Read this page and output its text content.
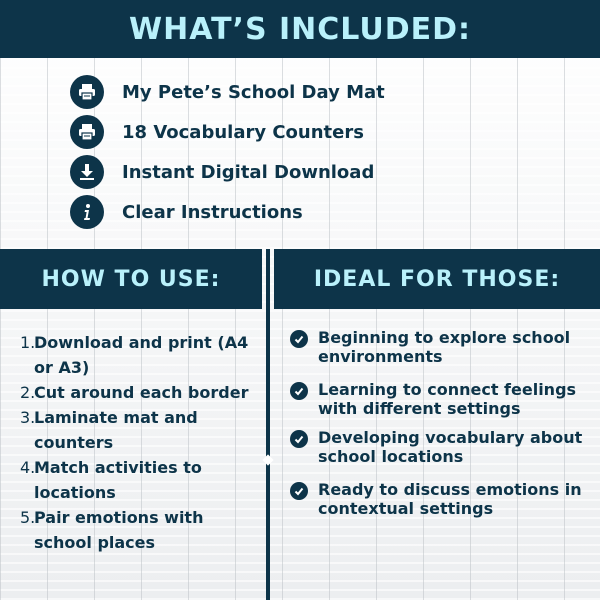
WHAT’S INCLUDED:
My Pete’s School Day Mat
18 Vocabulary Counters
Instant Digital Download
Clear Instructions
HOW TO USE:	IDEAL FOR THOSE:
1.
Download and print (A4 or A3)
2.
Cut around each border
3.
Laminate mat and counters
4.
Match activities to locations
5.
Pair emotions with school places
Beginning to explore school environments
Learning to connect feelings with different settings
Developing vocabulary about school locations
Ready to discuss emotions in contextual settings
